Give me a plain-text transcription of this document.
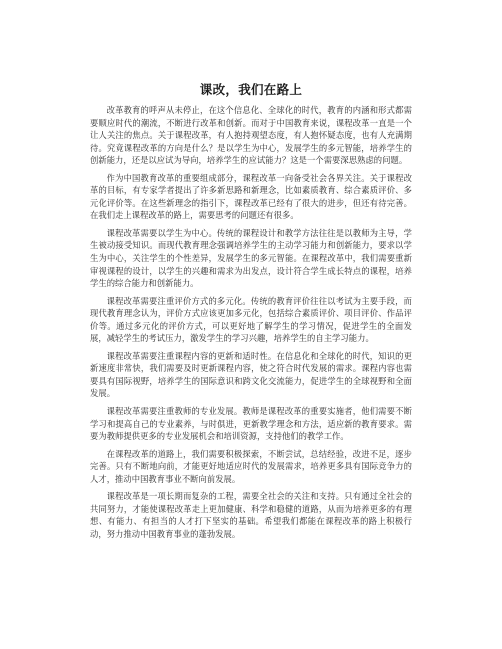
课改，我们在路上

改革教育的呼声从未停止，在这个信息化、全球化的时代，教育的内涵和形式都需要顺应时代的潮流，不断进行改革和创新。而对于中国教育来说，课程改革一直是一个让人关注的焦点。关于课程改革，有人抱持观望态度，有人抱怀疑态度，也有人充满期待。究竟课程改革的方向是什么？是以学生为中心，发展学生的多元智能，培养学生的创新能力，还是以应试为导向，培养学生的应试能力？这是一个需要深思熟虑的问题。

作为中国教育改革的重要组成部分，课程改革一向备受社会各界关注。关于课程改革的目标，有专家学者提出了许多新思路和新理念，比如素质教育、综合素质评价、多元化评价等。在这些新理念的指引下，课程改革已经有了很大的进步，但还有待完善。在我们走上课程改革的路上，需要思考的问题还有很多。

课程改革需要以学生为中心。传统的课程设计和教学方法往往是以教师为主导，学生被动接受知识。而现代教育理念强调培养学生的主动学习能力和创新能力，要求以学生为中心，关注学生的个性差异，发展学生的多元智能。在课程改革中，我们需要重新审视课程的设计，以学生的兴趣和需求为出发点，设计符合学生成长特点的课程，培养学生的综合能力和创新能力。

课程改革需要注重评价方式的多元化。传统的教育评价往往以考试为主要手段，而现代教育理念认为，评价方式应该更加多元化，包括综合素质评价、项目评价、作品评价等。通过多元化的评价方式，可以更好地了解学生的学习情况，促进学生的全面发展，减轻学生的考试压力，激发学生的学习兴趣，培养学生的自主学习能力。

课程改革需要注重课程内容的更新和适时性。在信息化和全球化的时代，知识的更新速度非常快，我们需要及时更新课程内容，使之符合时代发展的需求。课程内容也需要具有国际视野，培养学生的国际意识和跨文化交流能力，促进学生的全球视野和全面发展。

课程改革需要注重教师的专业发展。教师是课程改革的重要实施者，他们需要不断学习和提高自己的专业素养，与时俱进，更新教学理念和方法，适应新的教育要求。需要为教师提供更多的专业发展机会和培训资源，支持他们的教学工作。

在课程改革的道路上，我们需要积极探索，不断尝试，总结经验，改进不足，逐步完善。只有不断地向前，才能更好地适应时代的发展需求，培养更多具有国际竞争力的人才，推动中国教育事业不断向前发展。

课程改革是一项长期而复杂的工程，需要全社会的关注和支持。只有通过全社会的共同努力，才能使课程改革走上更加健康、科学和稳健的道路，从而为培养更多的有理想、有能力、有担当的人才打下坚实的基础。希望我们都能在课程改革的路上积极行动，努力推动中国教育事业的蓬勃发展。
